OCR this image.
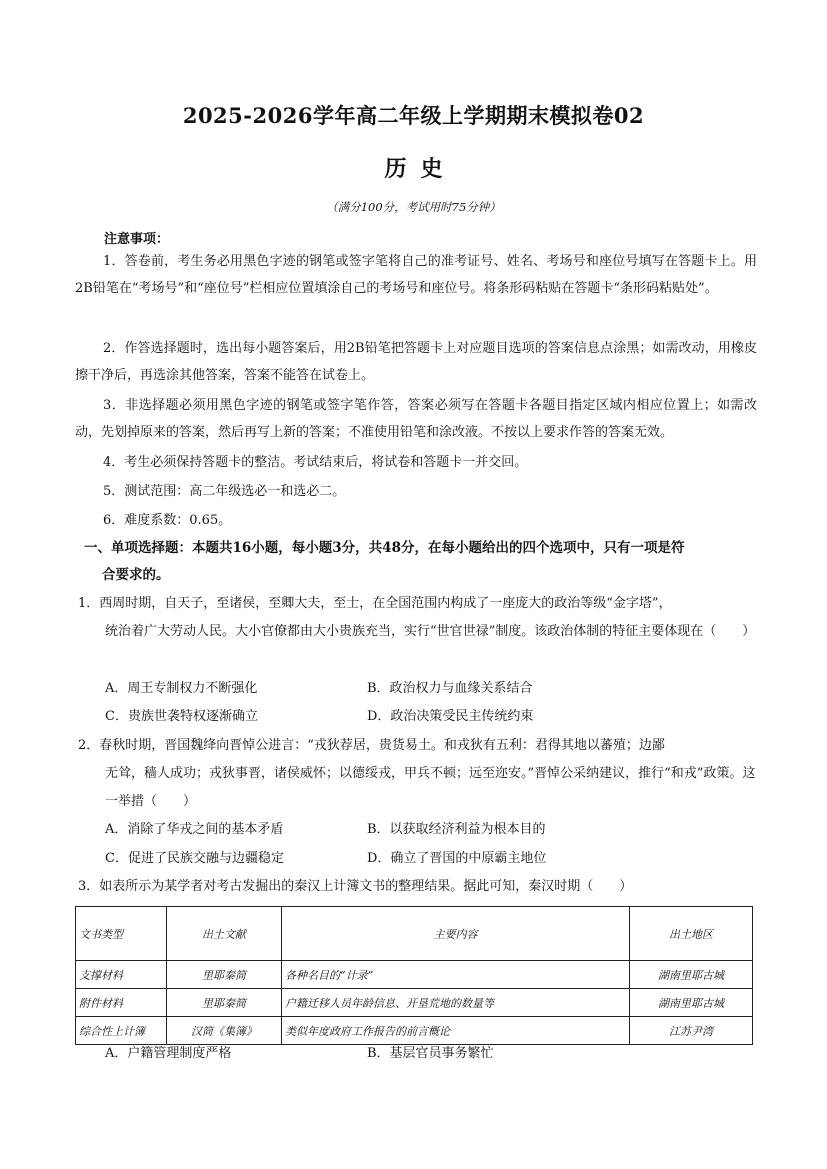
2025-2026学年高二年级上学期期末模拟卷02
历史
（满分100分，考试用时75分钟）
注意事项：

1．答卷前，考生务必用黑色字迹的钢笔或签字笔将自己的准考证号、姓名、考场号和座位号填写在答题卡上。用2B铅笔在“考场号”和“座位号”栏相应位置填涂自己的考场号和座位号。将条形码粘贴在答题卡“条形码粘贴处”。

2．作答选择题时，选出每小题答案后，用2B铅笔把答题卡上对应题目选项的答案信息点涂黑；如需改动，用橡皮擦干净后，再选涂其他答案，答案不能答在试卷上。

3．非选择题必须用黑色字迹的钢笔或签字笔作答，答案必须写在答题卡各题目指定区域内相应位置上；如需改动，先划掉原来的答案，然后再写上新的答案；不准使用铅笔和涂改液。不按以上要求作答的答案无效。

4．考生必须保持答题卡的整洁。考试结束后，将试卷和答题卡一并交回。

5．测试范围：高二年级选必一和选必二。

6．难度系数：0.65。

一、单项选择题：本题共16小题，每小题3分，共48分，在每小题给出的四个选项中，只有一项是符
合要求的。
1．西周时期，自天子，至诸侯，至卿大夫，至士，在全国范围内构成了一座庞大的政治等级“金字塔”，
统治着广大劳动人民。大小官僚都由大小贵族充当，实行“世官世禄”制度。该政治体制的特征主要体现在（　　）
A．周王专制权力不断强化	B．政治权力与血缘关系结合
C．贵族世袭特权逐渐确立	D．政治决策受民主传统约束
2．春秋时期，晋国魏绛向晋悼公进言：“戎狄荐居，贵货易土。和戎狄有五利：君得其地以蕃殖；边鄙
无耸，穑人成功；戎狄事晋，诸侯威怀；以德绥戎，甲兵不顿；远至迩安。”晋悼公采纳建议，推行“和戎”政策。这一举措（　　）
A．消除了华戎之间的基本矛盾	B．以获取经济利益为根本目的
C．促进了民族交融与边疆稳定	D．确立了晋国的中原霸主地位
3．如表所示为某学者对考古发掘出的秦汉上计簿文书的整理结果。据此可知，秦汉时期（　　）
文书类型	出土文献	主要内容	出土地区
支撑材料	里耶秦简	各种名目的“计录”	湖南里耶古城
附件材料	里耶秦简	户籍迁移人员年龄信息、开垦荒地的数量等	湖南里耶古城
综合性上计簿	汉简《集簿》	类似年度政府工作报告的前言概论	江苏尹湾
A．户籍管理制度严格	B．基层官员事务繁忙
